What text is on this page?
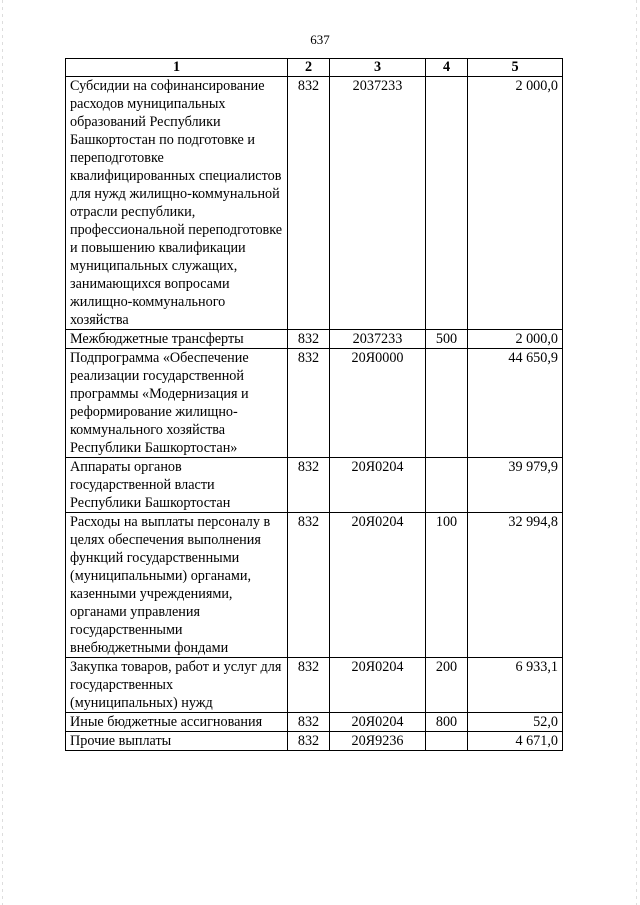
637
1	2	3	4	5
Субсидии на софинансирование расходов муниципальных образований Республики Башкортостан по подготовке и переподготовке квалифицированных специалистов для нужд жилищно-коммунальной отрасли республики, профессиональной переподготовке и повышению квалификации муниципальных служащих, занимающихся вопросами жилищно-коммунального хозяйства	832	2037233		2 000,0
Межбюджетные трансферты	832	2037233	500	2 000,0
Подпрограмма «Обеспечение реализации государственной программы «Модернизация и реформирование жилищно-коммунального хозяйства Республики Башкортостан»	832	20Я0000		44 650,9
Аппараты органов государственной власти Республики Башкортостан	832	20Я0204		39 979,9
Расходы на выплаты персоналу в целях обеспечения выполнения функций государственными (муниципальными) органами, казенными учреждениями, органами управления государственными внебюджетными фондами	832	20Я0204	100	32 994,8
Закупка товаров, работ и услуг для государственных (муниципальных) нужд	832	20Я0204	200	6 933,1
Иные бюджетные ассигнования	832	20Я0204	800	52,0
Прочие выплаты	832	20Я9236		4 671,0
